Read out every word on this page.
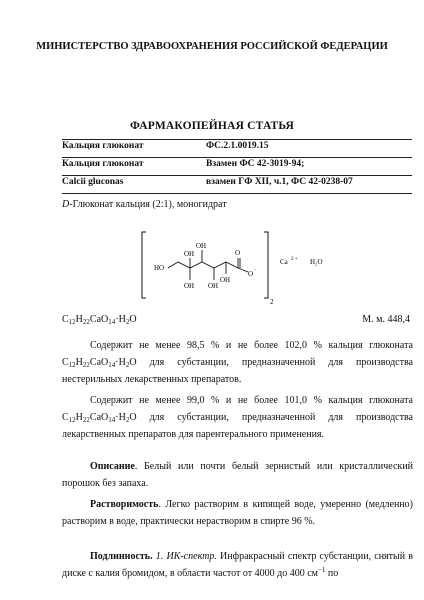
МИНИСТЕРСТВО ЗДРАВООХРАНЕНИЯ РОССИЙСКОЙ ФЕДЕРАЦИИ
ФАРМАКОПЕЙНАЯ СТАТЬЯ
Кальция глюконат	ФС.2.1.0019.15
Кальция глюконат	Взамен ФС 42-3019-94;
Calcii gluconas	взамен ГФ XII, ч.1, ФС 42-0238-07
D-Глюконат кальция (2:1), моногидрат
2
HO
OH
OH
OH
OH
OH
O
O −
Ca 2 + H₂O
$C_{12}H_{22}CaO_{14}\cdot H_2O$	М. м. 448,4
Содержит не менее 98,5 % и не более 102,0 % кальция глюконата $C_{12}H_{22}CaO_{14}\cdot H_2O$ для субстанции, предназначенной для производства нестерильных лекарственных препаратов.
Содержит не менее 99,0 % и не более 101,0 % кальция глюконата $C_{12}H_{22}CaO_{14}\cdot H_2O$ для субстанции, предназначенной для производства лекарственных препаратов для парентерального применения.
Описание. Белый или почти белый зернистый или кристаллический порошок без запаха.
Растворимость. Легко растворим в кипящей воде, умеренно (медленно) растворим в воде, практически нерастворим в спирте 96 %.
Подлинность. 1. ИК-спектр. Инфракрасный спектр субстанции, снятый в диске с калия бромидом, в области частот от 4000 до 400 $см^{-1}$ по
